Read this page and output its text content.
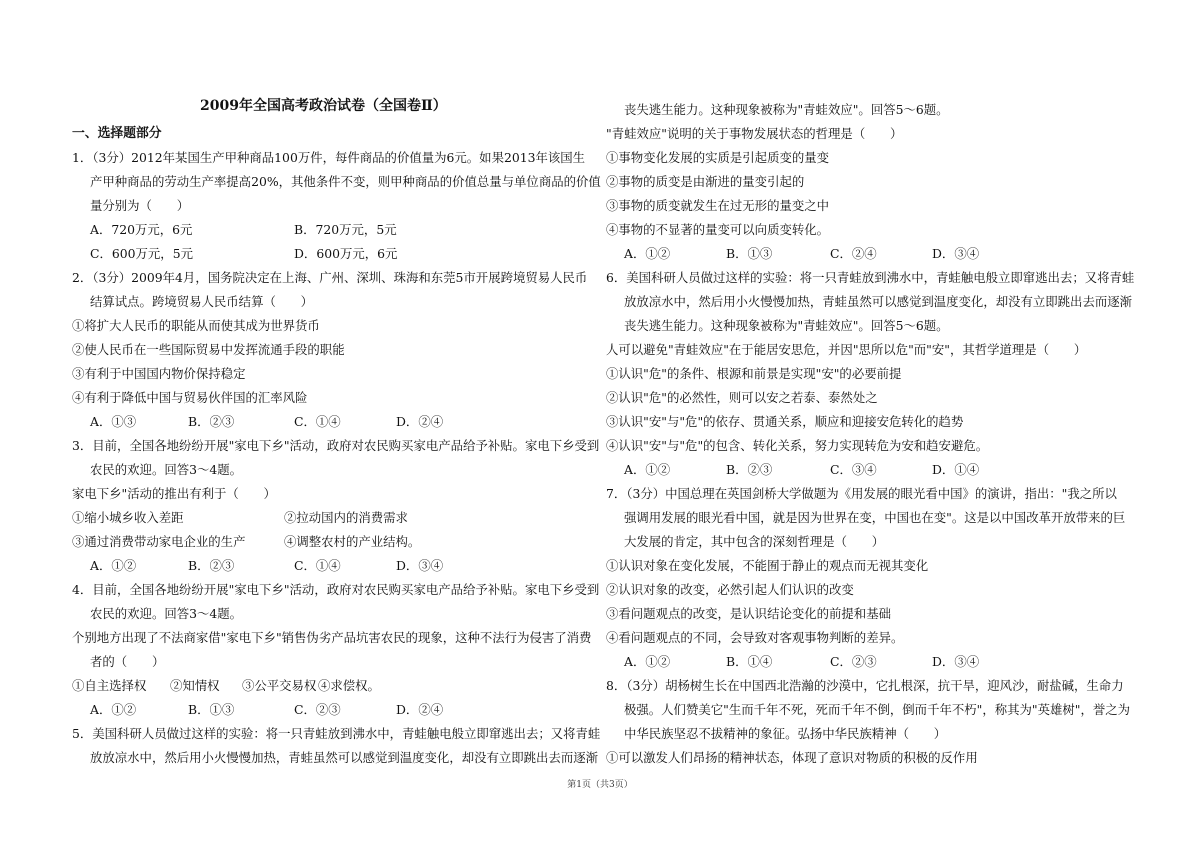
2009年全国高考政治试卷（全国卷Ⅱ）
一、选择题部分
1．（3分）2012年某国生产甲种商品100万件，每件商品的价值量为6元。如果2013年该国生
产甲种商品的劳动生产率提高20%，其他条件不变，则甲种商品的价值总量与单位商品的价值
量分别为（　　）
A．720万元，6元	B．720万元，5元
C．600万元，5元	D．600万元，6元
2．（3分）2009年4月，国务院决定在上海、广州、深圳、珠海和东莞5市开展跨境贸易人民币
结算试点。跨境贸易人民币结算（　　）
①将扩大人民币的职能从而使其成为世界货币
②使人民币在一些国际贸易中发挥流通手段的职能
③有利于中国国内物价保持稳定
④有利于降低中国与贸易伙伴国的汇率风险
A．①③	B．②③	C．①④	D．②④
3．目前，全国各地纷纷开展"家电下乡"活动，政府对农民购买家电产品给予补贴。家电下乡受到
农民的欢迎。回答3～4题。
家电下乡"活动的推出有利于（　　）
①缩小城乡收入差距	②拉动国内的消费需求
③通过消费带动家电企业的生产	④调整农村的产业结构。
A．①②	B．②③	C．①④	D．③④
4．目前，全国各地纷纷开展"家电下乡"活动，政府对农民购买家电产品给予补贴。家电下乡受到
农民的欢迎。回答3～4题。
个别地方出现了不法商家借"家电下乡"销售伪劣产品坑害农民的现象，这种不法行为侵害了消费
者的（　　）
①自主选择权 ②知情权 ③公平交易权 ④求偿权。
A．①②	B．①③	C．②③	D．②④
5．美国科研人员做过这样的实验：将一只青蛙放到沸水中，青蛙触电般立即窜逃出去；又将青蛙
放放凉水中，然后用小火慢慢加热，青蛙虽然可以感觉到温度变化，却没有立即跳出去而逐渐
丧失逃生能力。这种现象被称为"青蛙效应"。回答5～6题。
"青蛙效应"说明的关于事物发展状态的哲理是（　　）
①事物变化发展的实质是引起质变的量变
②事物的质变是由渐进的量变引起的
③事物的质变就发生在过无形的量变之中
④事物的不显著的量变可以向质变转化。
A．①②	B．①③	C．②④	D．③④
6．美国科研人员做过这样的实验：将一只青蛙放到沸水中，青蛙触电般立即窜逃出去；又将青蛙
放放凉水中，然后用小火慢慢加热，青蛙虽然可以感觉到温度变化，却没有立即跳出去而逐渐
丧失逃生能力。这种现象被称为"青蛙效应"。回答5～6题。
人可以避免"青蛙效应"在于能居安思危，并因"思所以危"而"安"，其哲学道理是（　　）
①认识"危"的条件、根源和前景是实现"安"的必要前提
②认识"危"的必然性，则可以安之若泰、泰然处之
③认识"安"与"危"的依存、贯通关系，顺应和迎接安危转化的趋势
④认识"安"与"危"的包含、转化关系，努力实现转危为安和趋安避危。
A．①②	B．②③	C．③④	D．①④
7．（3分）中国总理在英国剑桥大学做题为《用发展的眼光看中国》的演讲，指出："我之所以
强调用发展的眼光看中国，就是因为世界在变，中国也在变"。这是以中国改革开放带来的巨
大发展的肯定，其中包含的深刻哲理是（　　）
①认识对象在变化发展，不能囿于静止的观点而无视其变化
②认识对象的改变，必然引起人们认识的改变
③看问题观点的改变，是认识结论变化的前提和基础
④看问题观点的不同，会导致对客观事物判断的差异。
A．①②	B．①④	C．②③	D．③④
8．（3分）胡杨树生长在中国西北浩瀚的沙漠中，它扎根深，抗干旱，迎风沙，耐盐碱，生命力
极强。人们赞美它"生而千年不死，死而千年不倒，倒而千年不朽"，称其为"英雄树"，誉之为
中华民族坚忍不拔精神的象征。弘扬中华民族精神（　　）
①可以激发人们昂扬的精神状态，体现了意识对物质的积极的反作用
第1页（共3页）
